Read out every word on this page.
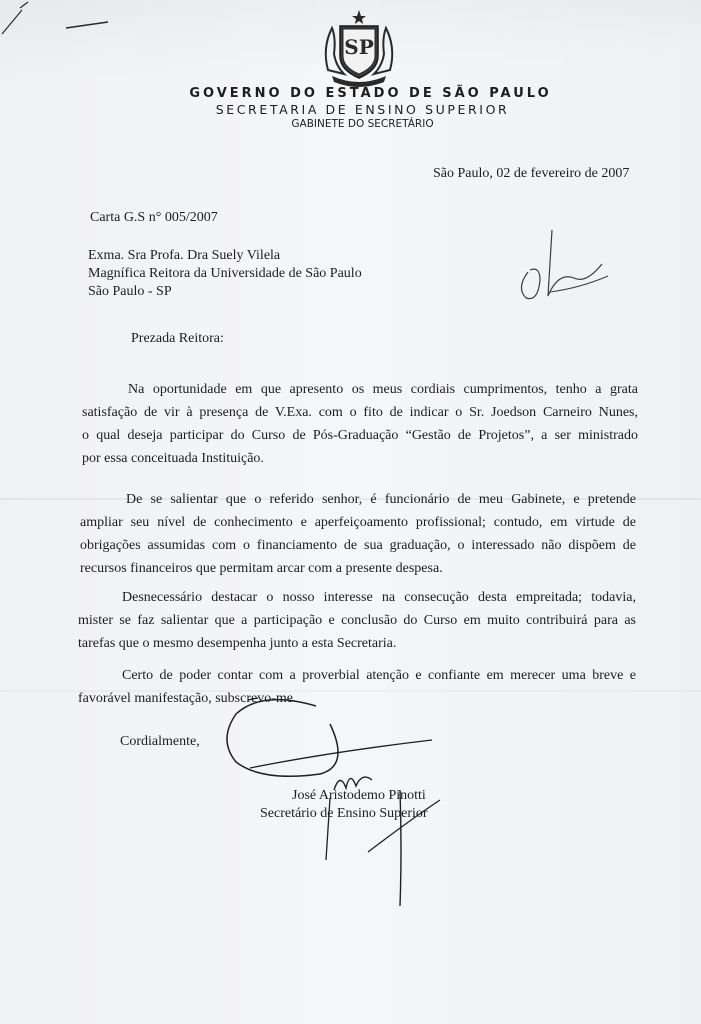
SP
GOVERNO DO ESTADO DE SÃO PAULO
SECRETARIA DE ENSINO SUPERIOR
GABINETE DO SECRETÁRIO
São Paulo, 02 de fevereiro de 2007
Carta G.S n° 005/2007
Exma. Sra Profa. Dra Suely Vilela
Magnífica Reitora da Universidade de São Paulo
São Paulo - SP
Prezada Reitora:
Na oportunidade em que apresento os meus cordiais cumprimentos, tenho a grata
satisfação de vir à presença de V.Exa. com o fito de indicar o Sr. Joedson Carneiro Nunes,
o qual deseja participar do Curso de Pós-Graduação “Gestão de Projetos”, a ser ministrado
por essa conceituada Instituição.
De se salientar que o referido senhor, é funcionário de meu Gabinete, e pretende
ampliar seu nível de conhecimento e aperfeiçoamento profissional; contudo, em virtude de
obrigações assumidas com o financiamento de sua graduação, o interessado não dispõem de
recursos financeiros que permitam arcar com a presente despesa.
Desnecessário destacar o nosso interesse na consecução desta empreitada; todavia,
mister se faz salientar que a participação e conclusão do Curso em muito contribuirá para as
tarefas que o mesmo desempenha junto a esta Secretaria.
Certo de poder contar com a proverbial atenção e confiante em merecer uma breve e
favorável manifestação, subscrevo-me.
Cordialmente,
José Aristodemo Pinotti
Secretário de Ensino Superior
